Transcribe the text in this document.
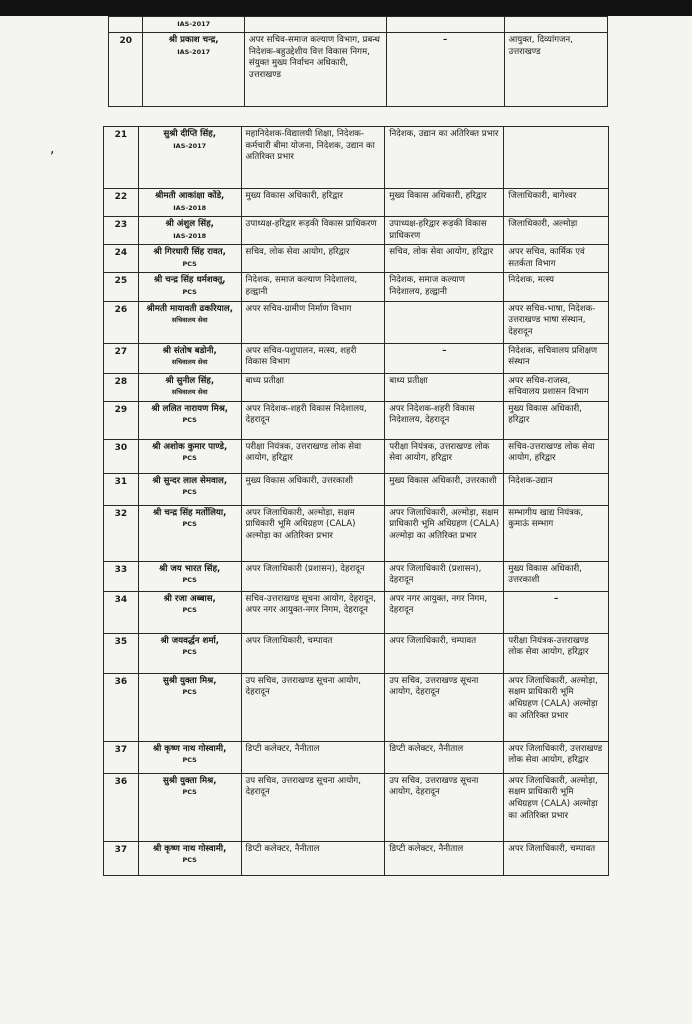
,

	IAS-2017			

20	श्री प्रकाश चन्द्र,
IAS-2017	अपर सचिव-समाज कल्याण विभाग, प्रबन्ध निदेशक-बहुउद्देशीय वित्त विकास निगम, संयुक्त मुख्य निर्वाचन अधिकारी, उत्तराखण्ड	–	आयुक्त, दिव्यांगजन, उत्तराखण्ड
21	सुश्री दीप्ति सिंह,
IAS-2017	महानिदेशक-विद्यालयी शिक्षा, निदेशक-कर्मचारी बीमा योजना, निदेशक, उद्यान का अतिरिक्त प्रभार	निदेशक, उद्यान का अतिरिक्त प्रभार	
22	श्रीमती आकांक्षा कोंडे,
IAS-2018	मुख्य विकास अधिकारी, हरिद्वार	मुख्य विकास अधिकारी, हरिद्वार	जिलाधिकारी, बागेश्वर
23	श्री अंशुल सिंह,
IAS-2018	उपाध्यक्ष-हरिद्वार रूड़की विकास प्राधिकरण	उपाध्यक्ष-हरिद्वार रूड़की विकास प्राधिकरण	जिलाधिकारी, अल्मोड़ा
24	श्री गिरधारी सिंह रावत,
PCS	सचिव, लोक सेवा आयोग, हरिद्वार	सचिव, लोक सेवा आयोग, हरिद्वार	अपर सचिव, कार्मिक एवं सतर्कता विभाग
25	श्री चन्द्र सिंह धर्मशक्तू,
PCS	निदेशक, समाज कल्याण निदेशालय, हल्द्वानी	निदेशक, समाज कल्याण निदेशालय, हल्द्वानी	निदेशक, मत्स्य
26	श्रीमती मायावती ढकरियाल,
सचिवालय सेवा	अपर सचिव-ग्रामीण निर्माण विभाग		अपर सचिव-भाषा, निदेशक-उत्तराखण्ड भाषा संस्थान, देहरादून
27	श्री संतोष बडोनी,
सचिवालय सेवा	अपर सचिव-पशुपालन, मत्स्य, शहरी विकास विभाग	–	निदेशक, सचिवालय प्रशिक्षण संस्थान
28	श्री सुनील सिंह,
सचिवालय सेवा	बाध्य प्रतीक्षा	बाध्य प्रतीक्षा	अपर सचिव-राजस्व, सचिवालय प्रशासन विभाग
29	श्री ललित नारायण मिश्र,
PCS	अपर निदेशक-शहरी विकास निदेशालय, देहरादून	अपर निदेशक-शहरी विकास निदेशालय, देहरादून	मुख्य विकास अधिकारी, हरिद्वार
30	श्री अशोक कुमार पाण्डे,
PCS	परीक्षा नियंत्रक, उत्तराखण्ड लोक सेवा आयोग, हरिद्वार	परीक्षा नियंत्रक, उत्तराखण्ड लोक सेवा आयोग, हरिद्वार	सचिव-उत्तराखण्ड लोक सेवा आयोग, हरिद्वार
31	श्री सुन्दर लाल सेमवाल,
PCS	मुख्य विकास अधिकारी, उत्तरकाशी	मुख्य विकास अधिकारी, उत्तरकाशी	निदेशक-उद्यान
32	श्री चन्द्र सिंह मर्तोलिया,
PCS	अपर जिलाधिकारी, अल्मोड़ा, सक्षम प्राधिकारी भूमि अधिग्रहण (CALA) अल्मोड़ा का अतिरिक्त प्रभार	अपर जिलाधिकारी, अल्मोड़ा, सक्षम प्राधिकारी भूमि अधिग्रहण (CALA) अल्मोड़ा का अतिरिक्त प्रभार	सम्भागीय खाद्य नियंत्रक, कुमाऊं सम्भाग
33	श्री जय भारत सिंह,
PCS	अपर जिलाधिकारी (प्रशासन), देहरादून	अपर जिलाधिकारी (प्रशासन), देहरादून	मुख्य विकास अधिकारी, उत्तरकाशी
34	श्री रजा अब्बास,
PCS	सचिव-उत्तराखण्ड सूचना आयोग, देहरादून, अपर नगर आयुक्त-नगर निगम, देहरादून	अपर नगर आयुक्त, नगर निगम, देहरादून	–
35	श्री जयवर्द्धन शर्मा,
PCS	अपर जिलाधिकारी, चम्पावत	अपर जिलाधिकारी, चम्पावत	परीक्षा नियंत्रक-उत्तराखण्ड लोक सेवा आयोग, हरिद्वार
36	सुश्री युक्ता मिश्र,
PCS	उप सचिव, उत्तराखण्ड सूचना आयोग, देहरादून	उप सचिव, उत्तराखण्ड सूचना आयोग, देहरादून	अपर जिलाधिकारी, अल्मोड़ा, सक्षम प्राधिकारी भूमि अधिग्रहण (CALA) अल्मोड़ा का अतिरिक्त प्रभार
37	श्री कृष्ण नाथ गोस्वामी,
PCS	डिप्टी कलेक्टर, नैनीताल	डिप्टी कलेक्टर, नैनीताल	अपर जिलाधिकारी, उत्तराखण्ड लोक सेवा आयोग, हरिद्वार
36	सुश्री युक्ता मिश्र,
PCS	उप सचिव, उत्तराखण्ड सूचना आयोग, देहरादून	उप सचिव, उत्तराखण्ड सूचना आयोग, देहरादून	अपर जिलाधिकारी, अल्मोड़ा, सक्षम प्राधिकारी भूमि अधिग्रहण (CALA) अल्मोड़ा का अतिरिक्त प्रभार
37	श्री कृष्ण नाथ गोस्वामी,
PCS	डिप्टी कलेक्टर, नैनीताल	डिप्टी कलेक्टर, नैनीताल	अपर जिलाधिकारी, चम्पावत
